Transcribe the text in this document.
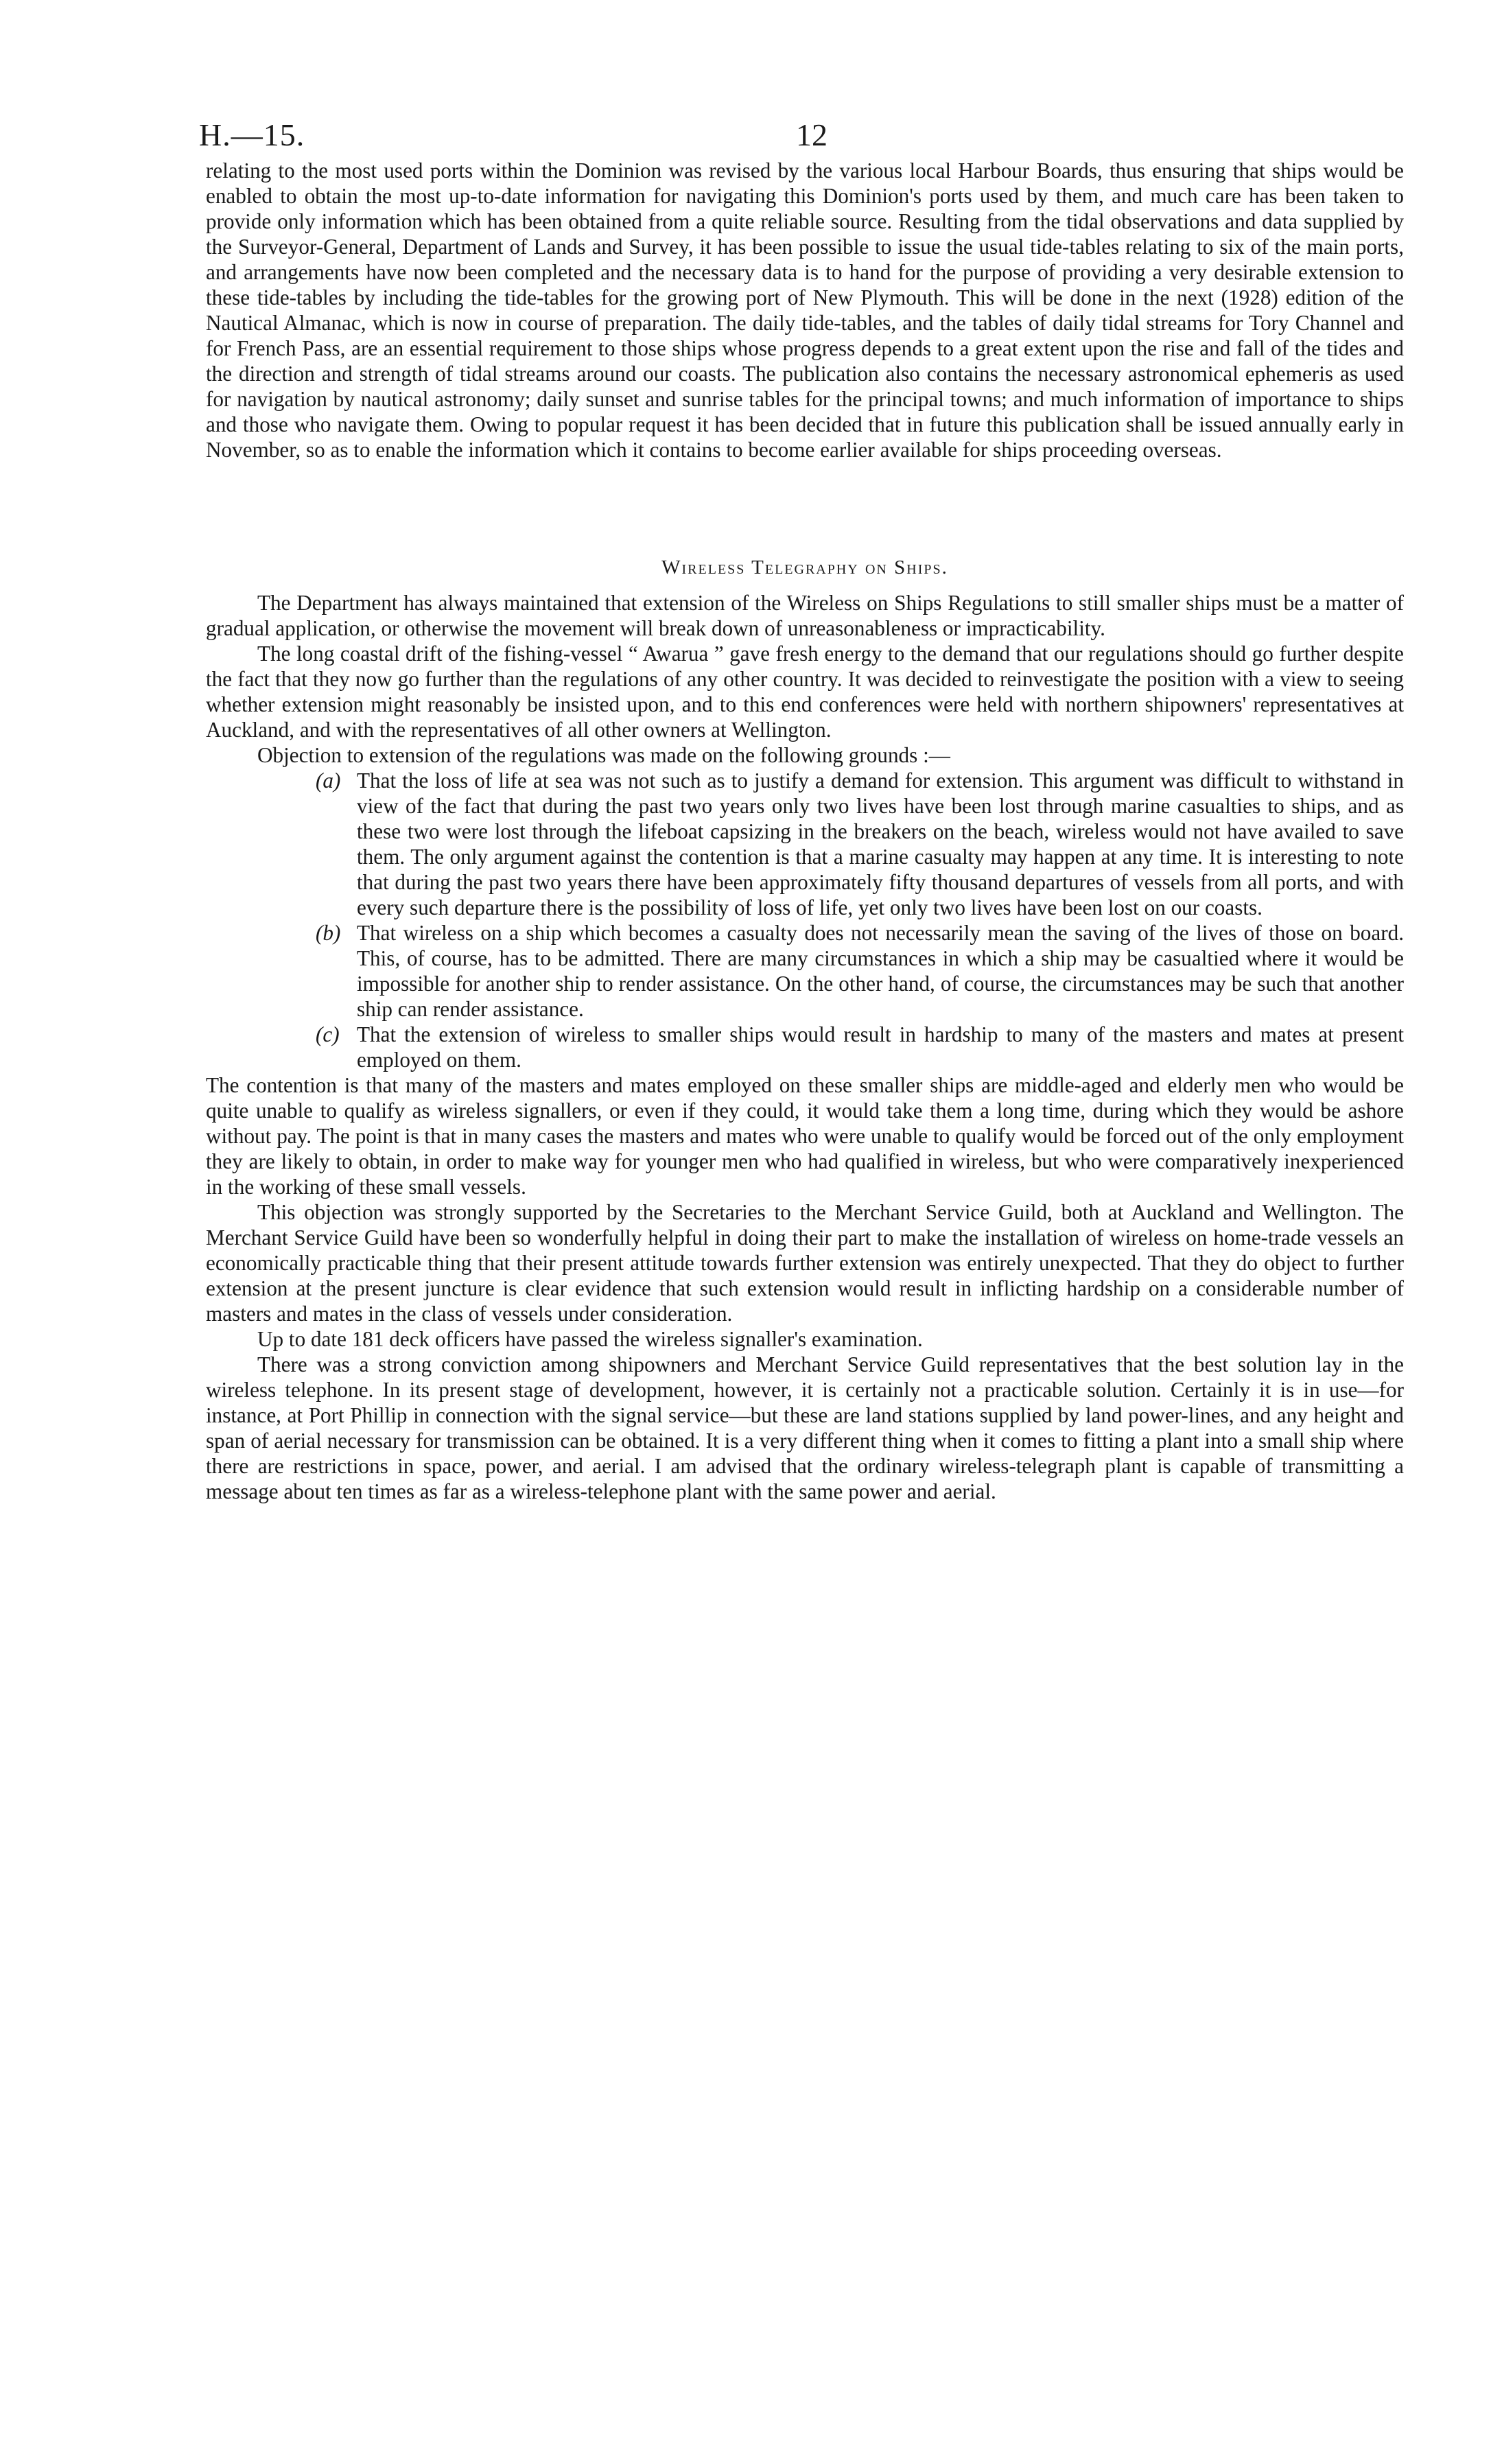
H.—15.	12

relating to the most used ports within the Dominion was revised by the various local Harbour Boards, thus ensuring that ships would be enabled to obtain the most up-to-date information for navigating this Dominion's ports used by them, and much care has been taken to provide only information which has been obtained from a quite reliable source. Resulting from the tidal observations and data supplied by the Surveyor-General, Department of Lands and Survey, it has been possible to issue the usual tide-tables relating to six of the main ports, and arrangements have now been completed and the necessary data is to hand for the purpose of providing a very desirable extension to these tide-tables by including the tide-tables for the growing port of New Plymouth. This will be done in the next (1928) edition of the Nautical Almanac, which is now in course of preparation. The daily tide-tables, and the tables of daily tidal streams for Tory Channel and for French Pass, are an essential requirement to those ships whose progress depends to a great extent upon the rise and fall of the tides and the direction and strength of tidal streams around our coasts. The publication also contains the necessary astronomical ephemeris as used for navigation by nautical astronomy; daily sunset and sunrise tables for the principal towns; and much information of importance to ships and those who navigate them. Owing to popular request it has been decided that in future this publication shall be issued annually early in November, so as to enable the information which it contains to become earlier available for ships proceeding overseas.

Wireless Telegraphy on Ships.

The Department has always maintained that extension of the Wireless on Ships Regulations to still smaller ships must be a matter of gradual application, or otherwise the movement will break down of unreasonableness or impracticability.

The long coastal drift of the fishing-vessel “ Awarua ” gave fresh energy to the demand that our regulations should go further despite the fact that they now go further than the regulations of any other country. It was decided to reinvestigate the position with a view to seeing whether extension might reasonably be insisted upon, and to this end conferences were held with northern shipowners' representatives at Auckland, and with the representatives of all other owners at Wellington.

Objection to extension of the regulations was made on the following grounds :—

(a) That the loss of life at sea was not such as to justify a demand for extension. This argument was difficult to withstand in view of the fact that during the past two years only two lives have been lost through marine casualties to ships, and as these two were lost through the lifeboat capsizing in the breakers on the beach, wireless would not have availed to save them. The only argument against the contention is that a marine casualty may happen at any time. It is interesting to note that during the past two years there have been approximately fifty thousand departures of vessels from all ports, and with every such departure there is the possibility of loss of life, yet only two lives have been lost on our coasts.

(b) That wireless on a ship which becomes a casualty does not necessarily mean the saving of the lives of those on board. This, of course, has to be admitted. There are many circumstances in which a ship may be casualtied where it would be impossible for another ship to render assistance. On the other hand, of course, the circumstances may be such that another ship can render assistance.

(c) That the extension of wireless to smaller ships would result in hardship to many of the masters and mates at present employed on them.

The contention is that many of the masters and mates employed on these smaller ships are middle-aged and elderly men who would be quite unable to qualify as wireless signallers, or even if they could, it would take them a long time, during which they would be ashore without pay. The point is that in many cases the masters and mates who were unable to qualify would be forced out of the only employment they are likely to obtain, in order to make way for younger men who had qualified in wireless, but who were comparatively inexperienced in the working of these small vessels.

This objection was strongly supported by the Secretaries to the Merchant Service Guild, both at Auckland and Wellington. The Merchant Service Guild have been so wonderfully helpful in doing their part to make the installation of wireless on home-trade vessels an economically practicable thing that their present attitude towards further extension was entirely unexpected. That they do object to further extension at the present juncture is clear evidence that such extension would result in inflicting hardship on a considerable number of masters and mates in the class of vessels under consideration.

Up to date 181 deck officers have passed the wireless signaller's examination.

There was a strong conviction among shipowners and Merchant Service Guild representatives that the best solution lay in the wireless telephone. In its present stage of development, however, it is certainly not a practicable solution. Certainly it is in use—for instance, at Port Phillip in connection with the signal service—but these are land stations supplied by land power-lines, and any height and span of aerial necessary for transmission can be obtained. It is a very different thing when it comes to fitting a plant into a small ship where there are restrictions in space, power, and aerial. I am advised that the ordinary wireless-telegraph plant is capable of transmitting a message about ten times as far as a wireless-telephone plant with the same power and aerial.
